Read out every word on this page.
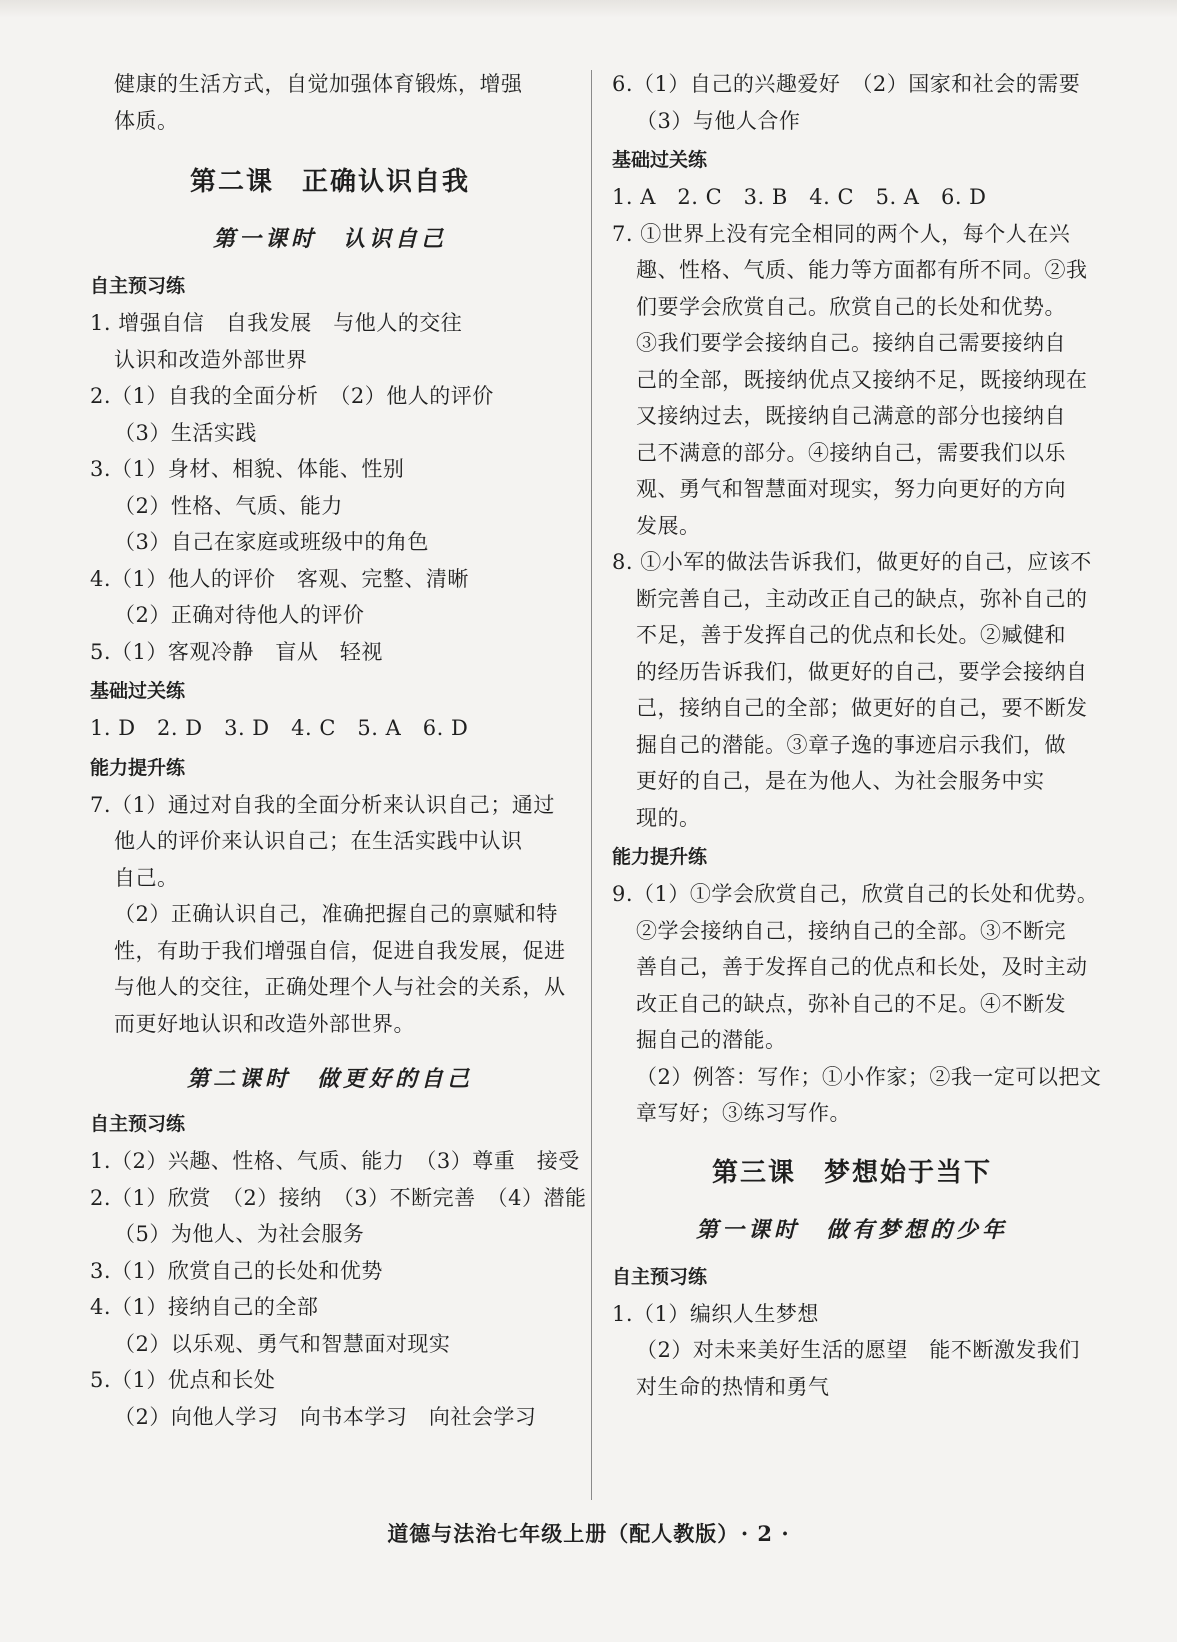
健康的生活方式，自觉加强体育锻炼，增强
体质。
第二课　正确认识自我
第一课时　认识自己
自主预习练
1. 增强自信　自我发展　与他人的交往
认识和改造外部世界
2.（1）自我的全面分析　（2）他人的评价
（3）生活实践
3.（1）身材、相貌、体能、性别
（2）性格、气质、能力
（3）自己在家庭或班级中的角色
4.（1）他人的评价　客观、完整、清晰
（2）正确对待他人的评价
5.（1）客观冷静　盲从　轻视
基础过关练
1. D　2. D　3. D　4. C　5. A　6. D
能力提升练
7.（1）通过对自我的全面分析来认识自己；通过
他人的评价来认识自己；在生活实践中认识
自己。
（2）正确认识自己，准确把握自己的禀赋和特
性，有助于我们增强自信，促进自我发展，促进
与他人的交往，正确处理个人与社会的关系，从
而更好地认识和改造外部世界。
第二课时　做更好的自己
自主预习练
1.（2）兴趣、性格、气质、能力　（3）尊重　接受
2.（1）欣赏　（2）接纳　（3）不断完善　（4）潜能
（5）为他人、为社会服务
3.（1）欣赏自己的长处和优势
4.（1）接纳自己的全部
（2）以乐观、勇气和智慧面对现实
5.（1）优点和长处
（2）向他人学习　向书本学习　向社会学习
6.（1）自己的兴趣爱好　（2）国家和社会的需要
（3）与他人合作
基础过关练
1. A　2. C　3. B　4. C　5. A　6. D
7. ①世界上没有完全相同的两个人，每个人在兴
趣、性格、气质、能力等方面都有所不同。②我
们要学会欣赏自己。欣赏自己的长处和优势。
③我们要学会接纳自己。接纳自己需要接纳自
己的全部，既接纳优点又接纳不足，既接纳现在
又接纳过去，既接纳自己满意的部分也接纳自
己不满意的部分。④接纳自己，需要我们以乐
观、勇气和智慧面对现实，努力向更好的方向
发展。
8. ①小军的做法告诉我们，做更好的自己，应该不
断完善自己，主动改正自己的缺点，弥补自己的
不足，善于发挥自己的优点和长处。②臧健和
的经历告诉我们，做更好的自己，要学会接纳自
己，接纳自己的全部；做更好的自己，要不断发
掘自己的潜能。③章子逸的事迹启示我们，做
更好的自己，是在为他人、为社会服务中实
现的。
能力提升练
9.（1）①学会欣赏自己，欣赏自己的长处和优势。
②学会接纳自己，接纳自己的全部。③不断完
善自己，善于发挥自己的优点和长处，及时主动
改正自己的缺点，弥补自己的不足。④不断发
掘自己的潜能。
（2）例答：写作；①小作家；②我一定可以把文
章写好；③练习写作。
第三课　梦想始于当下
第一课时　做有梦想的少年
自主预习练
1.（1）编织人生梦想
（2）对未来美好生活的愿望　能不断激发我们
对生命的热情和勇气
道德与法治七年级上册（配人教版） · 2 ·
